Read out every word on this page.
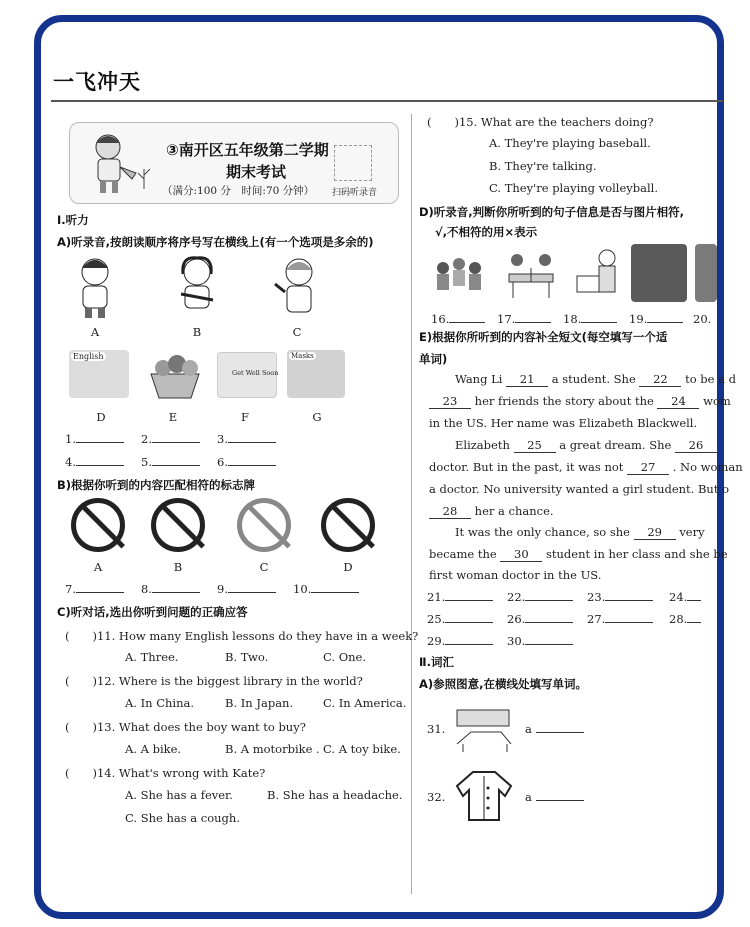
一飞冲天
③南开区五年级第二学期
期末考试
（满分:100 分　时间:70 分钟） 扫码听录音
Ⅰ.听力
A)听录音,按朗读顺序将序号写在横线上(有一个选项是多余的)
A	B	C
English
Get Well Soon
Masks
D	E	F	G
1.	2.	3.
4.	5.	6.
B)根据你听到的内容匹配相符的标志牌
A	B	C	D
7.	8.	9.	10.
C)听对话,选出你听到问题的正确应答
(　　)11. How many English lessons do they have in a week?
A. Three.	B. Two.	C. One.
(　　)12. Where is the biggest library in the world?
A. In China.	B. In Japan.	C. In America.
(　　)13. What does the boy want to buy?
A. A bike.	B. A motorbike . C. A toy bike.
(　　)14. What's wrong with Kate?
A. She has a fever.	B. She has a headache.
C. She has a cough.
(　　)15. What are the teachers doing?
A. They're playing baseball.
B. They're talking.
C. They're playing volleyball.
D)听录音,判断你所听到的句子信息是否与图片相符,
√,不相符的用×表示
16.	17.	18.	19.	20.
E)根据你所听到的内容补全短文(每空填写一个适
单词)
Wang Li 21 a student. She 22 to be a d
23 her friends the story about the 24 wom
in the US. Her name was Elizabeth Blackwell.
Elizabeth 25 a great dream. She 26
doctor. But in the past, it was not 27 . No woman
a doctor. No university wanted a girl student. But o
28 her a chance.
It was the only chance, so she 29 very
became the 30 student in her class and she be
first woman doctor in the US.
21.	22.	23.	24.
25.	26.	27.	28.
29.	30.
Ⅱ.词汇
A)参照图意,在横线处填写单词。
31.	a
32.	a
